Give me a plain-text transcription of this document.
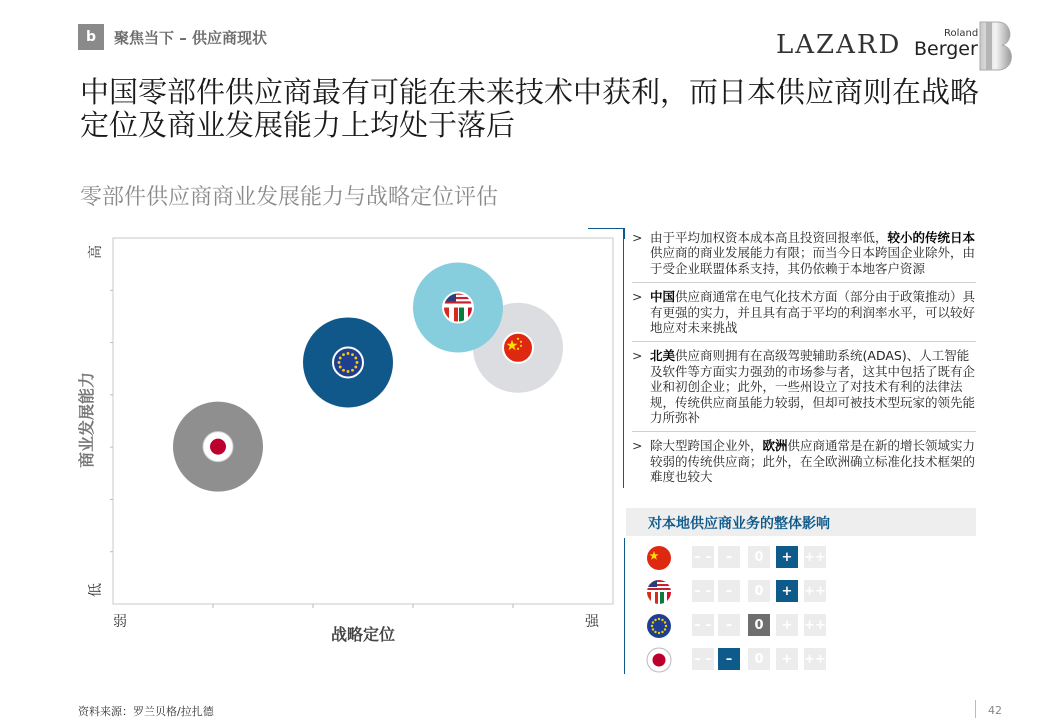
b	聚焦当下 – 供应商现状	LAZARD	Roland
Berger
中国零部件供应商最有可能在未来技术中获利，而日本供应商则在战略定位及商业发展能力上均处于落后
零部件供应商商业发展能力与战略定位评估
高
低
商业发展能力
弱	强
战略定位
> 由于平均加权资本成本高且投资回报率低，较小的传统日本供应商的商业发展能力有限；而当今日本跨国企业除外，由于受企业联盟体系支持，其仍依赖于本地客户资源
> 中国供应商通常在电气化技术方面（部分由于政策推动）具有更强的实力，并且具有高于平均的利润率水平，可以较好地应对未来挑战
> 北美供应商则拥有在高级驾驶辅助系统(ADAS)、人工智能及软件等方面实力强劲的市场参与者，这其中包括了既有企业和初创企业；此外，一些州设立了对技术有利的法律法规，传统供应商虽能力较弱，但却可被技术型玩家的领先能力所弥补
> 除大型跨国企业外，欧洲供应商通常是在新的增长领域实力较弱的传统供应商；此外，在全欧洲确立标准化技术框架的难度也较大
对本地供应商业务的整体影响
– –	–	0	+ ++
– –	–	0	+ ++
– –	–	0	+ ++
– –	–	0	+ ++
资料来源：罗兰贝格/拉扎德	42
